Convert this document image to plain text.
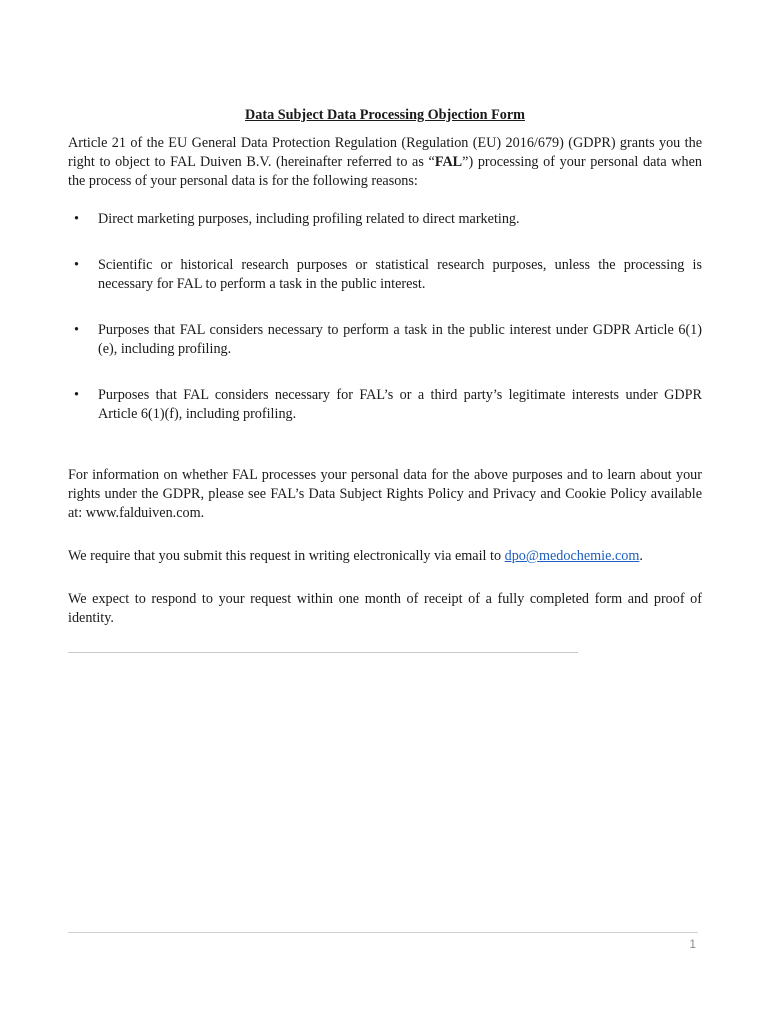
Data Subject Data Processing Objection Form

Article 21 of the EU General Data Protection Regulation (Regulation (EU) 2016/679) (GDPR) grants you the right to object to FAL Duiven B.V. (hereinafter referred to as “FAL”) processing of your personal data when the process of your personal data is for the following reasons:

• Direct marketing purposes, including profiling related to direct marketing.
• Scientific or historical research purposes or statistical research purposes, unless the processing is necessary for FAL to perform a task in the public interest.
• Purposes that FAL considers necessary to perform a task in the public interest under GDPR Article 6(1)(e), including profiling.
• Purposes that FAL considers necessary for FAL’s or a third party’s legitimate interests under GDPR Article 6(1)(f), including profiling.

For information on whether FAL processes your personal data for the above purposes and to learn about your rights under the GDPR, please see FAL’s Data Subject Rights Policy and Privacy and Cookie Policy available at: www.falduiven.com.

We require that you submit this request in writing electronically via email to dpo@medochemie.com.

We expect to respond to your request within one month of receipt of a fully completed form and proof of identity.

1
